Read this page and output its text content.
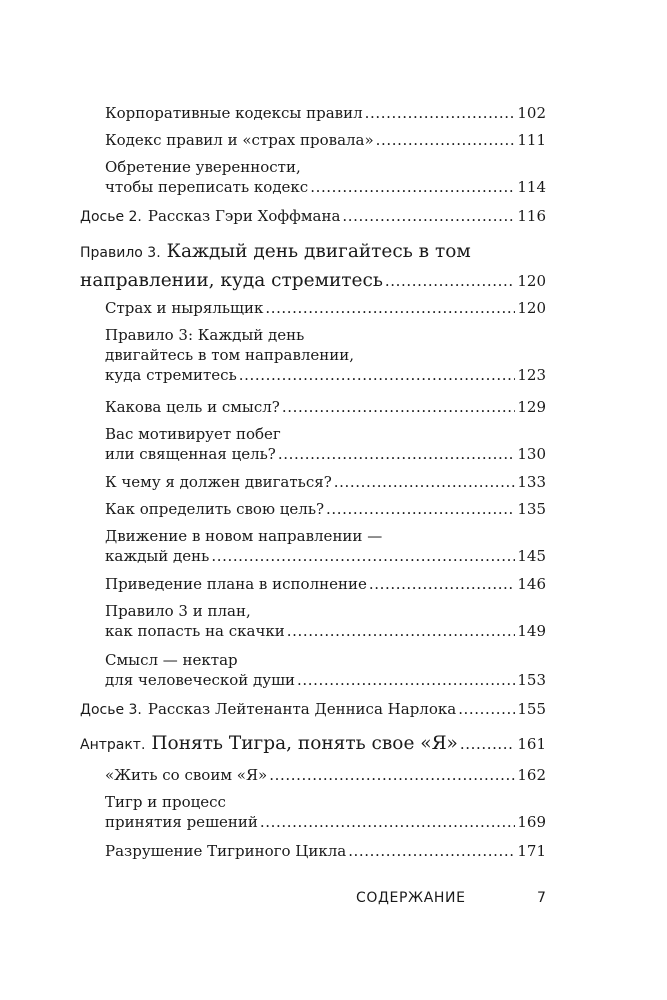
Корпоративные кодексы правил .....	102
Кодекс правил и «страх провала» .....	111
Обретение уверенности,
чтобы переписать кодекс .....	114
Досье 2. Рассказ Гэри Хоффмана .....	116
Правило 3. Каждый день двигайтесь в том
направлении, куда стремитесь .....	120
Страх и ныряльщик .....	120
Правило 3: Каждый день
двигайтесь в том направлении,
куда стремитесь .....	123
Какова цель и смысл? .....	129
Вас мотивирует побег
или священная цель? .....	130
К чему я должен двигаться? .....	133
Как определить свою цель? .....	135
Движение в новом направлении —
каждый день .....	145
Приведение плана в исполнение .....	146
Правило 3 и план,
как попасть на скачки .....	149
Смысл — нектар
для человеческой души .....	153
Досье 3. Рассказ Лейтенанта Денниса Нарлока .....	155
Антракт. Понять Тигра, понять свое «Я» .....	161
«Жить со своим «Я» .....	162
Тигр и процесс
принятия решений .....	169
Разрушение Тигриного Цикла .....	171
СОДЕРЖАНИЕ	7
